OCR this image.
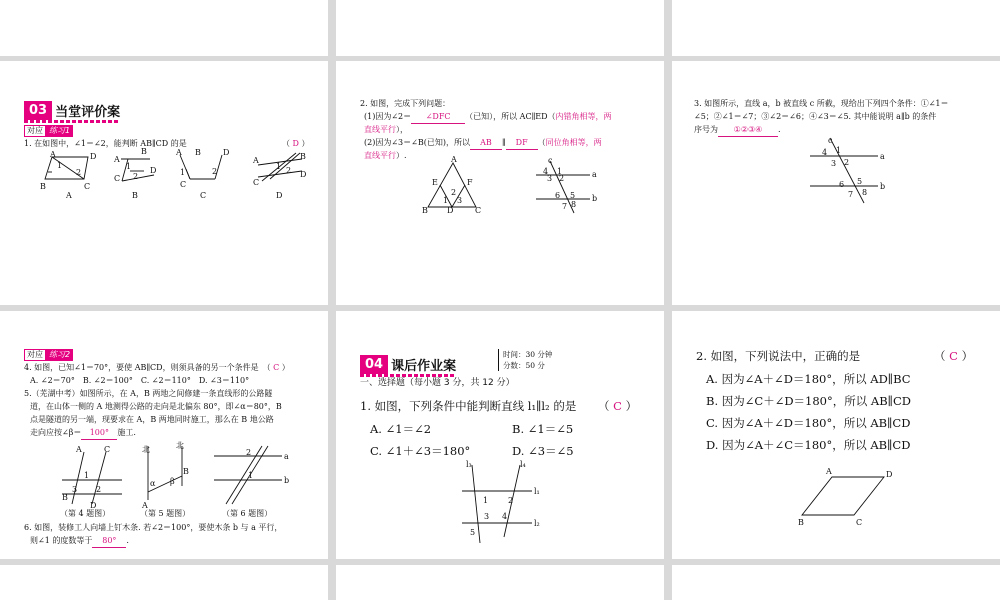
03 当堂评价案
对应 练习1
1. 在如图中，∠1＝∠2，能判断 AB∥CD 的是	（ D ）
A	D
B	C
1
2
A
1
B
C 2
D
A B
1	2
D
C
A	B
C
D
1 2
A	B	C	D
2. 如图，完成下列问题：
(1)因为∠2＝ ∠DFC （已知），所以 AC∥ED（内错角相等，两
直线平行），
(2)因为∠3＝∠B(已知)，所以 AB ∥ DF （同位角相等，两
直线平行）.	A
E	F
B D	C
2
1 3
c
a
b
4 1
3 2
6 5
7 8
3. 如图所示，直线 a，b 被直线 c 所截，现给出下列四个条件：①∠1＝
∠5；②∠1＝∠7；③∠2＝∠6；④∠3＝∠5. 其中能说明 a∥b 的条件
序号为 ①②③④ .
c
a
b
4 1
3 2
6 5
7 8
对应 练习2
4. 如图，已知∠1＝70°，要使 AB∥CD，则须具备的另一个条件是　（ C ）
A. ∠2＝70°　B. ∠2＝100°　C. ∠2＝110°　D. ∠3＝110°
5.（芜湖中考）如图所示，在 A，B 两地之间修建一条直线形的公路隧
道，在山体一侧的 A 地测得公路的走向是北偏东 80°，即∠α＝80°，B
点是隧道的另一端，现要求在 A，B 两地同时施工，那么在 B 地公路
走向应按∠β＝ 100° 施工.
A	C
B
D
1
3 2
北	北
α β
A
B
a
b
2
1
（第 4 题图）	（第 5 题图）	（第 6 题图）
6. 如图，装修工人向墙上钉木条. 若∠2＝100°，要使木条 b 与 a 平行，
则∠1 的度数等于 80° .
04 课后作业案
时间：30 分钟
分数：50 分
一、选择题（每小题 3 分，共 12 分）
1. 如图，下列条件中能判断直线 l₁∥l₂ 的是 （ C ）
A. ∠1＝∠2	B. ∠1＝∠5
C. ∠1＋∠3＝180°	D. ∠3＝∠5
l₃	l₄
l₁
l₂
1 2
3 4
5
2. 如图，下列说法中，正确的是	（ C ）
A. 因为∠A＋∠D＝180°，所以 AD∥BC
B. 因为∠C＋∠D＝180°，所以 AB∥CD
C. 因为∠A＋∠D＝180°，所以 AB∥CD
D. 因为∠A＋∠C＝180°，所以 AB∥CD
A	D
B	C
